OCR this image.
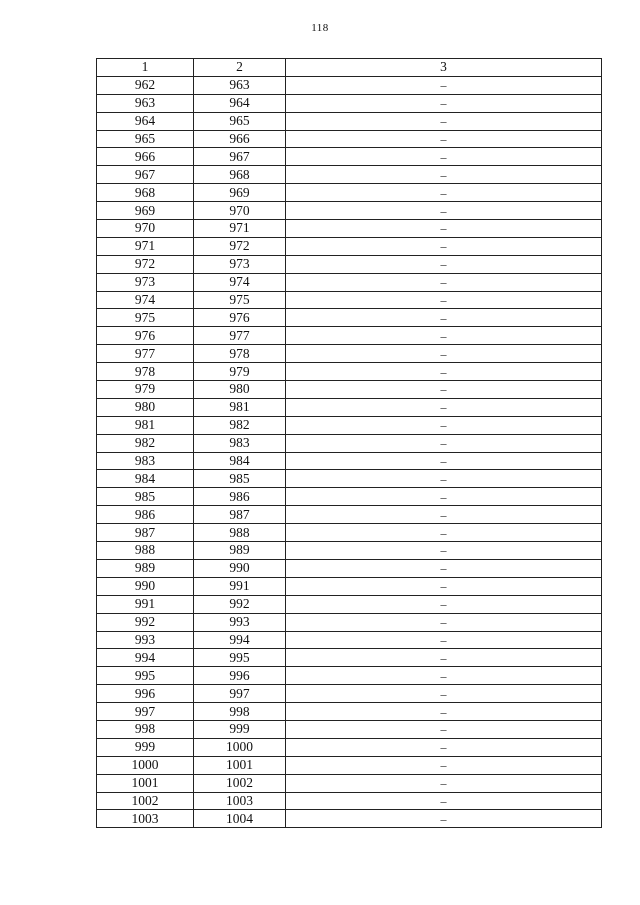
118
1	2	3
962	963	–
963	964	–
964	965	–
965	966	–
966	967	–
967	968	–
968	969	–
969	970	–
970	971	–
971	972	–
972	973	–
973	974	–
974	975	–
975	976	–
976	977	–
977	978	–
978	979	–
979	980	–
980	981	–
981	982	–
982	983	–
983	984	–
984	985	–
985	986	–
986	987	–
987	988	–
988	989	–
989	990	–
990	991	–
991	992	–
992	993	–
993	994	–
994	995	–
995	996	–
996	997	–
997	998	–
998	999	–
999	1000	–
1000	1001	–
1001	1002	–
1002	1003	–
1003	1004	–
